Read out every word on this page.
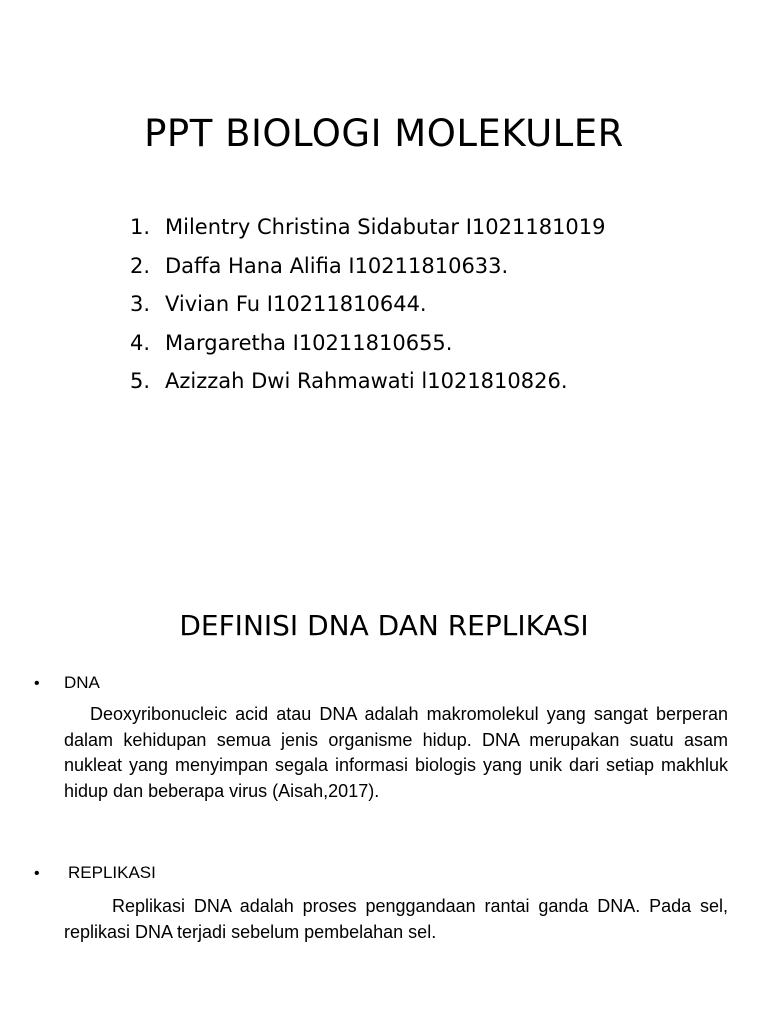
PPT BIOLOGI MOLEKULER
1. Milentry Christina Sidabutar I1021181019
2. Daffa Hana Alifia I10211810633.
3. Vivian Fu I10211810644.
4. Margaretha I10211810655.
5. Azizzah Dwi Rahmawati l1021810826.
DEFINISI DNA DAN REPLIKASI
•	DNA

Deoxyribonucleic acid atau DNA adalah makromolekul yang sangat berperan dalam kehidupan semua jenis organisme hidup. DNA merupakan suatu asam nukleat yang menyimpan segala informasi biologis yang unik dari setiap makhluk hidup dan beberapa virus (Aisah,2017).

•	REPLIKASI

Replikasi DNA adalah proses penggandaan rantai ganda DNA. Pada sel, replikasi DNA terjadi sebelum pembelahan sel.
